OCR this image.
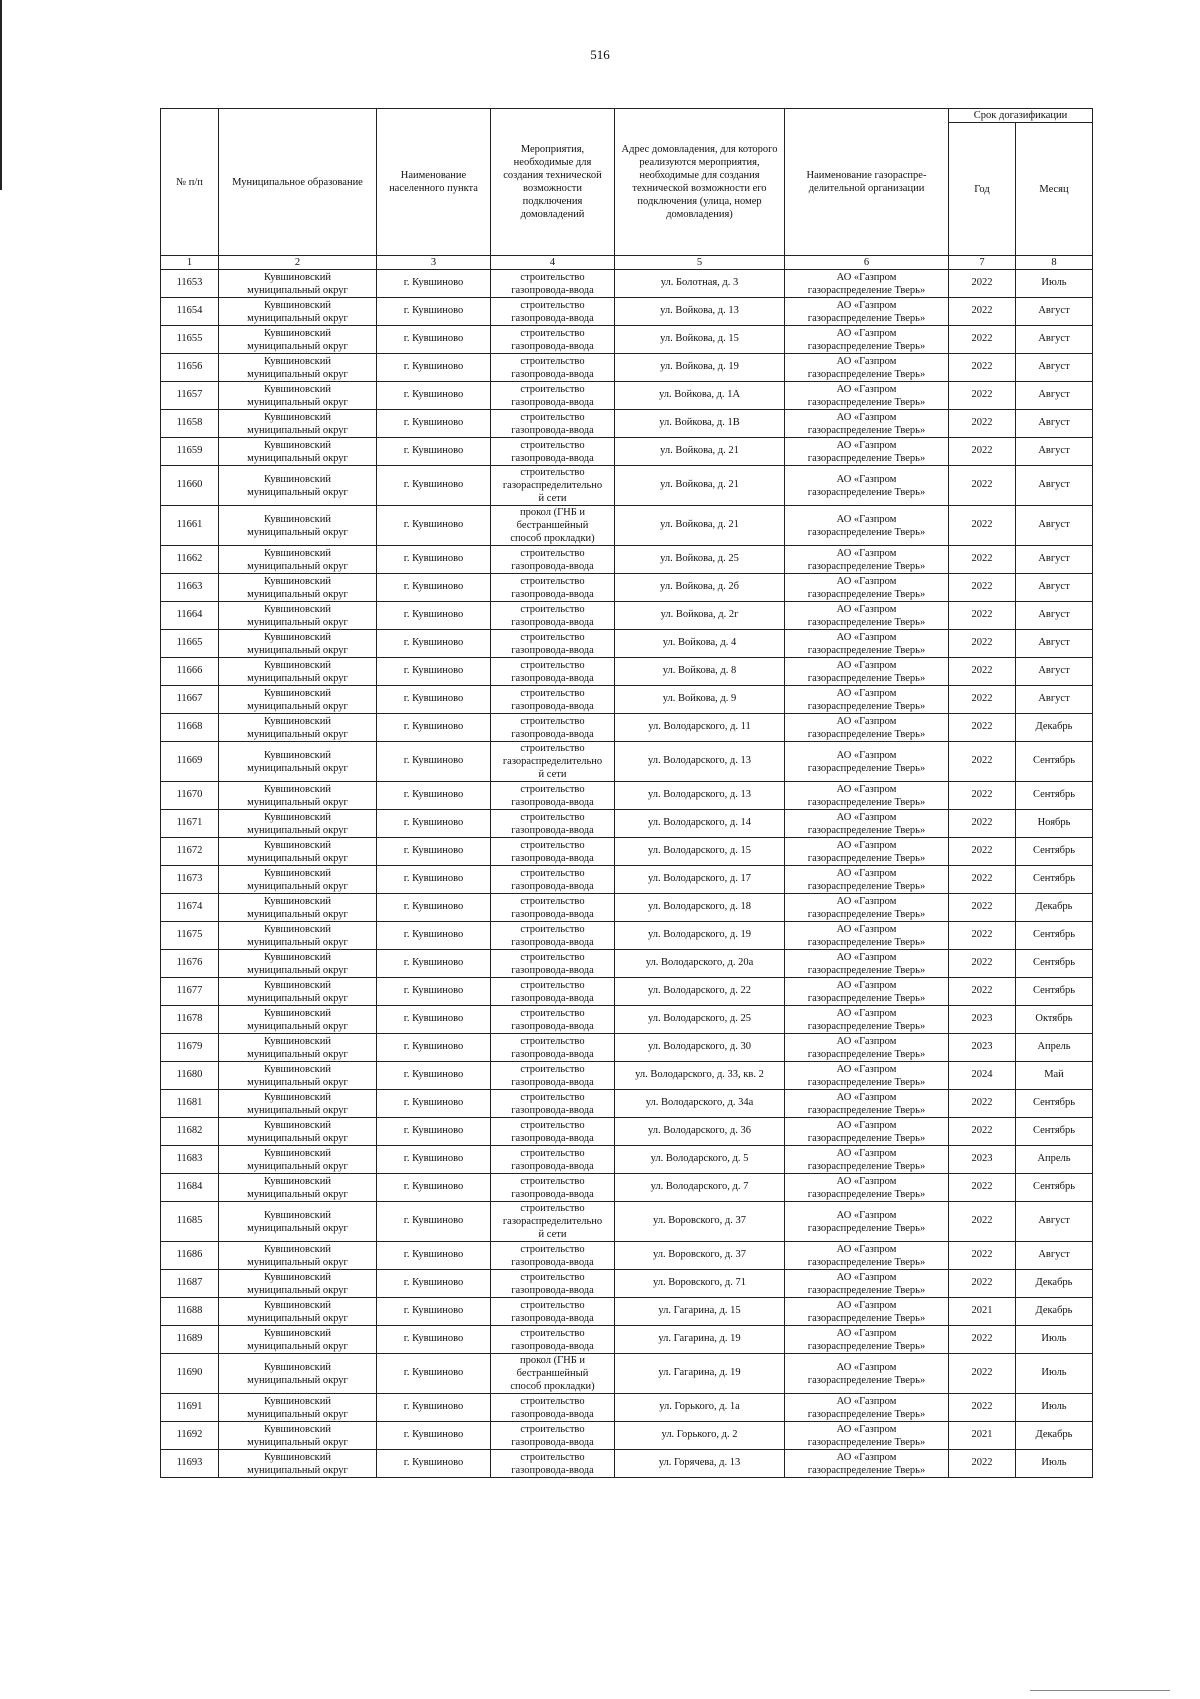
516
№ п/п	Муниципальное образование	Наименование населенного пункта	Мероприятия, необходимые для создания технической возможности подключения домовладений	Адрес домовладения, для которого реализуются мероприятия, необходимые для создания технической возможности его подключения (улица, номер домовладения)	Наименование газораспре-делительной организации	Срок догазификации	
						Год	Месяц
1	2	3	4	5	6	7	8
11653	Кувшиновский
муниципальный округ	г. Кувшиново	строительство
газопровода-ввода	ул. Болотная, д. 3	АО «Газпром
газораспределение Тверь»	2022	Июль
11654	Кувшиновский
муниципальный округ	г. Кувшиново	строительство
газопровода-ввода	ул. Войкова, д. 13	АО «Газпром
газораспределение Тверь»	2022	Август
11655	Кувшиновский
муниципальный округ	г. Кувшиново	строительство
газопровода-ввода	ул. Войкова, д. 15	АО «Газпром
газораспределение Тверь»	2022	Август
11656	Кувшиновский
муниципальный округ	г. Кувшиново	строительство
газопровода-ввода	ул. Войкова, д. 19	АО «Газпром
газораспределение Тверь»	2022	Август
11657	Кувшиновский
муниципальный округ	г. Кувшиново	строительство
газопровода-ввода	ул. Войкова, д. 1А	АО «Газпром
газораспределение Тверь»	2022	Август
11658	Кувшиновский
муниципальный округ	г. Кувшиново	строительство
газопровода-ввода	ул. Войкова, д. 1В	АО «Газпром
газораспределение Тверь»	2022	Август
11659	Кувшиновский
муниципальный округ	г. Кувшиново	строительство
газопровода-ввода	ул. Войкова, д. 21	АО «Газпром
газораспределение Тверь»	2022	Август
11660	Кувшиновский
муниципальный округ	г. Кувшиново	строительство
газораспределительно
й сети	ул. Войкова, д. 21	АО «Газпром
газораспределение Тверь»	2022	Август
11661	Кувшиновский
муниципальный округ	г. Кувшиново	прокол (ГНБ и
бестраншейный
способ прокладки)	ул. Войкова, д. 21	АО «Газпром
газораспределение Тверь»	2022	Август
11662	Кувшиновский
муниципальный округ	г. Кувшиново	строительство
газопровода-ввода	ул. Войкова, д. 25	АО «Газпром
газораспределение Тверь»	2022	Август
11663	Кувшиновский
муниципальный округ	г. Кувшиново	строительство
газопровода-ввода	ул. Войкова, д. 2б	АО «Газпром
газораспределение Тверь»	2022	Август
11664	Кувшиновский
муниципальный округ	г. Кувшиново	строительство
газопровода-ввода	ул. Войкова, д. 2г	АО «Газпром
газораспределение Тверь»	2022	Август
11665	Кувшиновский
муниципальный округ	г. Кувшиново	строительство
газопровода-ввода	ул. Войкова, д. 4	АО «Газпром
газораспределение Тверь»	2022	Август
11666	Кувшиновский
муниципальный округ	г. Кувшиново	строительство
газопровода-ввода	ул. Войкова, д. 8	АО «Газпром
газораспределение Тверь»	2022	Август
11667	Кувшиновский
муниципальный округ	г. Кувшиново	строительство
газопровода-ввода	ул. Войкова, д. 9	АО «Газпром
газораспределение Тверь»	2022	Август
11668	Кувшиновский
муниципальный округ	г. Кувшиново	строительство
газопровода-ввода	ул. Володарского, д. 11	АО «Газпром
газораспределение Тверь»	2022	Декабрь
11669	Кувшиновский
муниципальный округ	г. Кувшиново	строительство
газораспределительно
й сети	ул. Володарского, д. 13	АО «Газпром
газораспределение Тверь»	2022	Сентябрь
11670	Кувшиновский
муниципальный округ	г. Кувшиново	строительство
газопровода-ввода	ул. Володарского, д. 13	АО «Газпром
газораспределение Тверь»	2022	Сентябрь
11671	Кувшиновский
муниципальный округ	г. Кувшиново	строительство
газопровода-ввода	ул. Володарского, д. 14	АО «Газпром
газораспределение Тверь»	2022	Ноябрь
11672	Кувшиновский
муниципальный округ	г. Кувшиново	строительство
газопровода-ввода	ул. Володарского, д. 15	АО «Газпром
газораспределение Тверь»	2022	Сентябрь
11673	Кувшиновский
муниципальный округ	г. Кувшиново	строительство
газопровода-ввода	ул. Володарского, д. 17	АО «Газпром
газораспределение Тверь»	2022	Сентябрь
11674	Кувшиновский
муниципальный округ	г. Кувшиново	строительство
газопровода-ввода	ул. Володарского, д. 18	АО «Газпром
газораспределение Тверь»	2022	Декабрь
11675	Кувшиновский
муниципальный округ	г. Кувшиново	строительство
газопровода-ввода	ул. Володарского, д. 19	АО «Газпром
газораспределение Тверь»	2022	Сентябрь
11676	Кувшиновский
муниципальный округ	г. Кувшиново	строительство
газопровода-ввода	ул. Володарского, д. 20а	АО «Газпром
газораспределение Тверь»	2022	Сентябрь
11677	Кувшиновский
муниципальный округ	г. Кувшиново	строительство
газопровода-ввода	ул. Володарского, д. 22	АО «Газпром
газораспределение Тверь»	2022	Сентябрь
11678	Кувшиновский
муниципальный округ	г. Кувшиново	строительство
газопровода-ввода	ул. Володарского, д. 25	АО «Газпром
газораспределение Тверь»	2023	Октябрь
11679	Кувшиновский
муниципальный округ	г. Кувшиново	строительство
газопровода-ввода	ул. Володарского, д. 30	АО «Газпром
газораспределение Тверь»	2023	Апрель
11680	Кувшиновский
муниципальный округ	г. Кувшиново	строительство
газопровода-ввода	ул. Володарского, д. 33, кв. 2	АО «Газпром
газораспределение Тверь»	2024	Май
11681	Кувшиновский
муниципальный округ	г. Кувшиново	строительство
газопровода-ввода	ул. Володарского, д. 34а	АО «Газпром
газораспределение Тверь»	2022	Сентябрь
11682	Кувшиновский
муниципальный округ	г. Кувшиново	строительство
газопровода-ввода	ул. Володарского, д. 36	АО «Газпром
газораспределение Тверь»	2022	Сентябрь
11683	Кувшиновский
муниципальный округ	г. Кувшиново	строительство
газопровода-ввода	ул. Володарского, д. 5	АО «Газпром
газораспределение Тверь»	2023	Апрель
11684	Кувшиновский
муниципальный округ	г. Кувшиново	строительство
газопровода-ввода	ул. Володарского, д. 7	АО «Газпром
газораспределение Тверь»	2022	Сентябрь
11685	Кувшиновский
муниципальный округ	г. Кувшиново	строительство
газораспределительно
й сети	ул. Воровского, д. 37	АО «Газпром
газораспределение Тверь»	2022	Август
11686	Кувшиновский
муниципальный округ	г. Кувшиново	строительство
газопровода-ввода	ул. Воровского, д. 37	АО «Газпром
газораспределение Тверь»	2022	Август
11687	Кувшиновский
муниципальный округ	г. Кувшиново	строительство
газопровода-ввода	ул. Воровского, д. 71	АО «Газпром
газораспределение Тверь»	2022	Декабрь
11688	Кувшиновский
муниципальный округ	г. Кувшиново	строительство
газопровода-ввода	ул. Гагарина, д. 15	АО «Газпром
газораспределение Тверь»	2021	Декабрь
11689	Кувшиновский
муниципальный округ	г. Кувшиново	строительство
газопровода-ввода	ул. Гагарина, д. 19	АО «Газпром
газораспределение Тверь»	2022	Июль
11690	Кувшиновский
муниципальный округ	г. Кувшиново	прокол (ГНБ и
бестраншейный
способ прокладки)	ул. Гагарина, д. 19	АО «Газпром
газораспределение Тверь»	2022	Июль
11691	Кувшиновский
муниципальный округ	г. Кувшиново	строительство
газопровода-ввода	ул. Горького, д. 1а	АО «Газпром
газораспределение Тверь»	2022	Июль
11692	Кувшиновский
муниципальный округ	г. Кувшиново	строительство
газопровода-ввода	ул. Горького, д. 2	АО «Газпром
газораспределение Тверь»	2021	Декабрь
11693	Кувшиновский
муниципальный округ	г. Кувшиново	строительство
газопровода-ввода	ул. Горячева, д. 13	АО «Газпром
газораспределение Тверь»	2022	Июль
